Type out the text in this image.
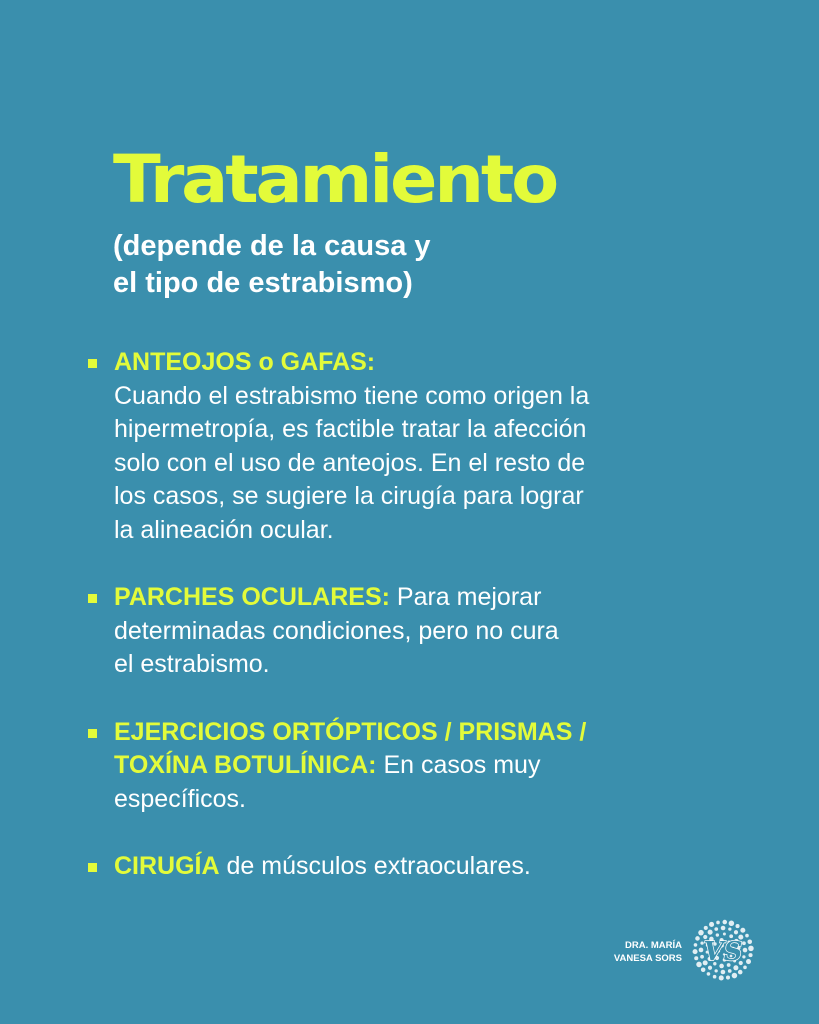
Tratamiento
(depende de la causa y
el tipo de estrabismo)
ANTEOJOS o GAFAS:
Cuando el estrabismo tiene como origen la
hipermetropía, es factible tratar la afección
solo con el uso de anteojos. En el resto de
los casos, se sugiere la cirugía para lograr
la alineación ocular.
PARCHES OCULARES: Para mejorar
determinadas condiciones, pero no cura
el estrabismo.
EJERCICIOS ORTÓPTICOS / PRISMAS /
TOXÍNA BOTULÍNICA: En casos muy
específicos.
CIRUGÍA de músculos extraoculares.
DRA. MARÍA
VANESA SORS VS
